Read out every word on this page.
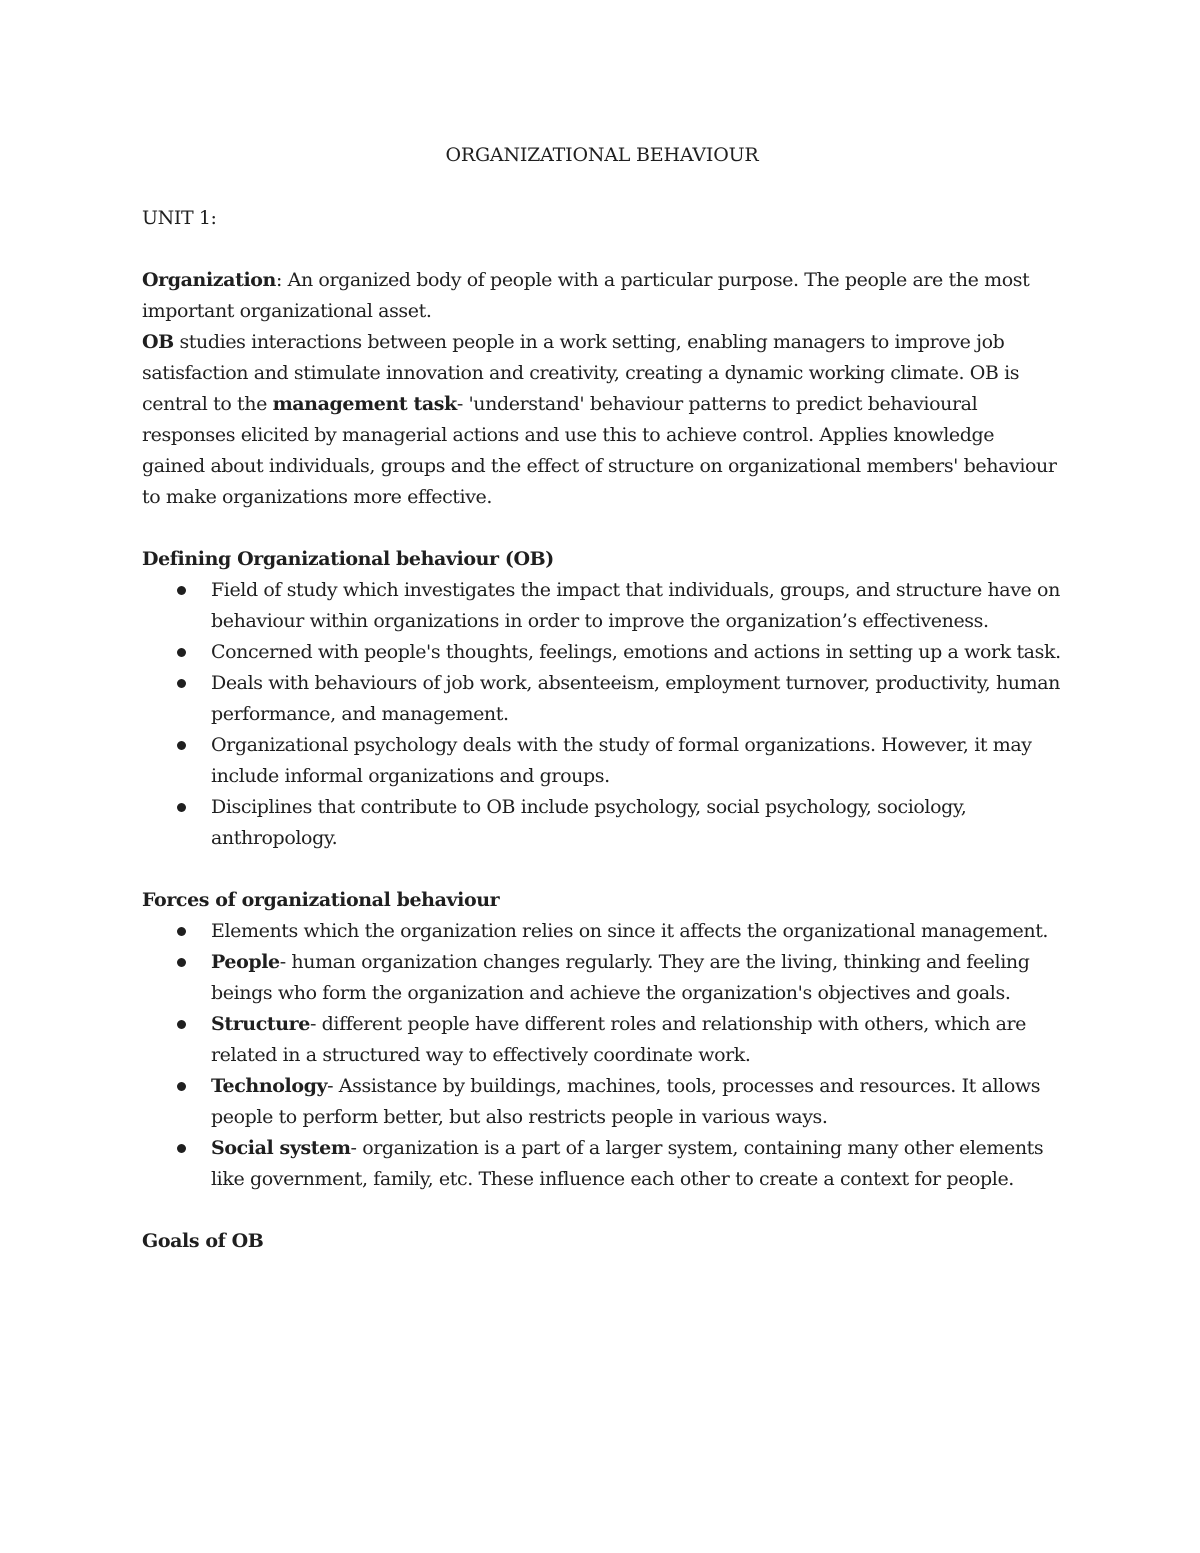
ORGANIZATIONAL BEHAVIOUR
UNIT 1:

Organization: An organized body of people with a particular purpose. The people are the most important organizational asset.

OB studies interactions between people in a work setting, enabling managers to improve job satisfaction and stimulate innovation and creativity, creating a dynamic working climate. OB is central to the management task- 'understand' behaviour patterns to predict behavioural responses elicited by managerial actions and use this to achieve control. Applies knowledge gained about individuals, groups and the effect of structure on organizational members' behaviour to make organizations more effective.

Defining Organizational behaviour (OB)

Field of study which investigates the impact that individuals, groups, and structure have on behaviour within organizations in order to improve the organization’s effectiveness.
Concerned with people's thoughts, feelings, emotions and actions in setting up a work task.
Deals with behaviours of job work, absenteeism, employment turnover, productivity, human performance, and management.
Organizational psychology deals with the study of formal organizations. However, it may include informal organizations and groups.
Disciplines that contribute to OB include psychology, social psychology, sociology, anthropology.

Forces of organizational behaviour

Elements which the organization relies on since it affects the organizational management.
People- human organization changes regularly. They are the living, thinking and feeling beings who form the organization and achieve the organization's objectives and goals.
Structure- different people have different roles and relationship with others, which are related in a structured way to effectively coordinate work.
Technology- Assistance by buildings, machines, tools, processes and resources. It allows people to perform better, but also restricts people in various ways.
Social system- organization is a part of a larger system, containing many other elements like government, family, etc. These influence each other to create a context for people.

Goals of OB
